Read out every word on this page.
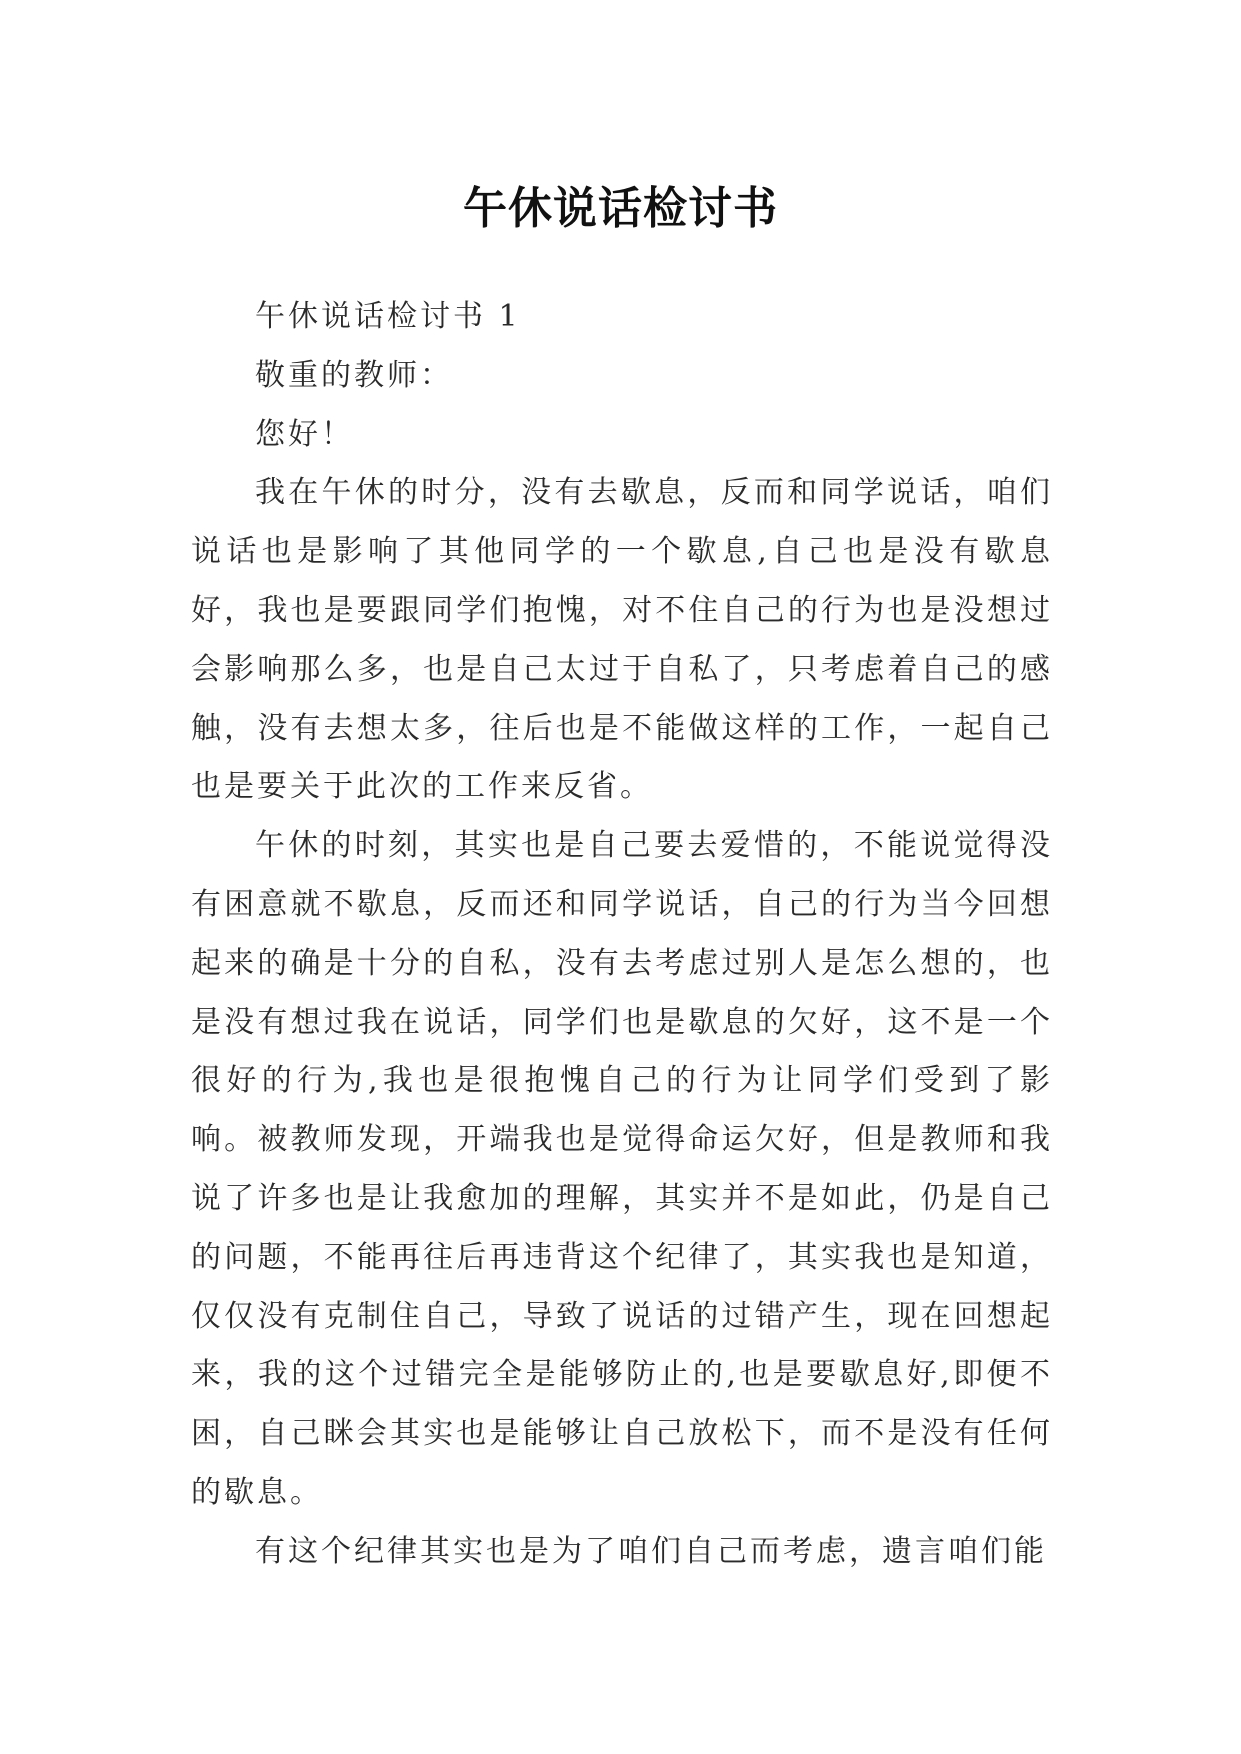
午休说话检讨书

午休说话检讨书 1

敬重的教师：

您好！

我在午休的时分，没有去歇息，反而和同学说话，咱们说话也是影响了其他同学的一个歇息,自己也是没有歇息好，我也是要跟同学们抱愧，对不住自己的行为也是没想过会影响那么多，也是自己太过于自私了，只考虑着自己的感触，没有去想太多，往后也是不能做这样的工作，一起自己也是要关于此次的工作来反省。

午休的时刻，其实也是自己要去爱惜的，不能说觉得没有困意就不歇息，反而还和同学说话，自己的行为当今回想起来的确是十分的自私，没有去考虑过别人是怎么想的，也是没有想过我在说话，同学们也是歇息的欠好，这不是一个很好的行为,我也是很抱愧自己的行为让同学们受到了影响。被教师发现，开端我也是觉得命运欠好，但是教师和我说了许多也是让我愈加的理解，其实并不是如此，仍是自己的问题，不能再往后再违背这个纪律了，其实我也是知道，仅仅没有克制住自己，导致了说话的过错产生，现在回想起来，我的这个过错完全是能够防止的,也是要歇息好,即便不困，自己眯会其实也是能够让自己放松下，而不是没有任何的歇息。

有这个纪律其实也是为了咱们自己而考虑，遗言咱们能
